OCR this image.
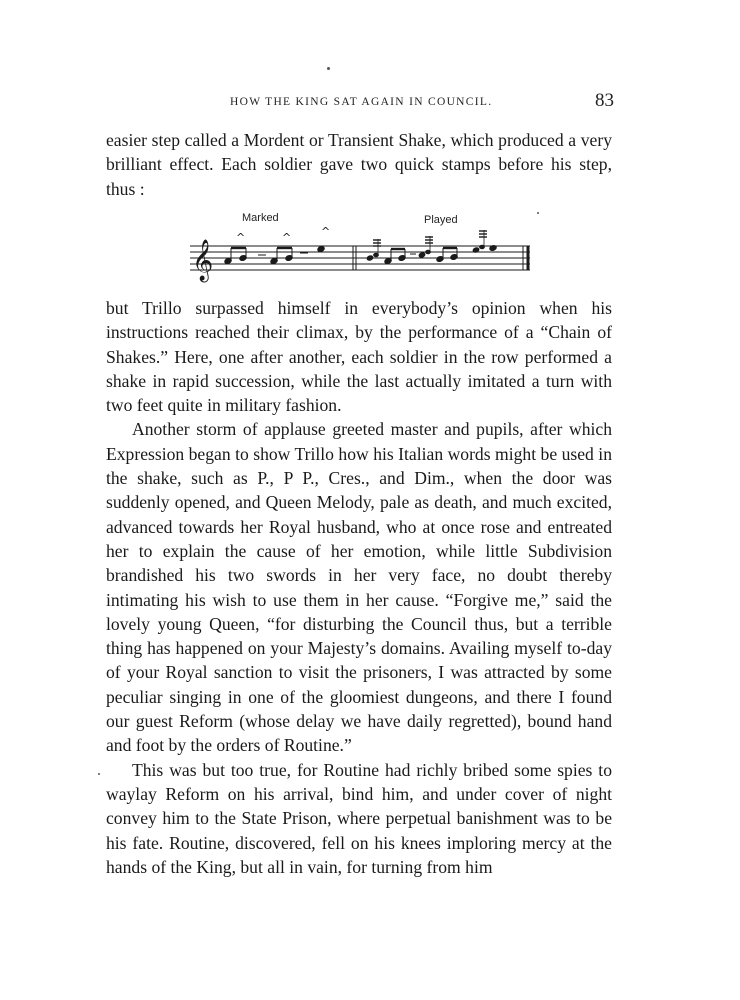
HOW THE KING SAT AGAIN IN COUNCIL.	83

easier step called a Mordent or Transient Shake, which produced a very brilliant effect. Each soldier gave two quick stamps before his step, thus :

Marked	Played
𝄞
^	^	^

but Trillo surpassed himself in everybody’s opinion when his instructions reached their climax, by the performance of a “Chain of Shakes.” Here, one after another, each soldier in the row performed a shake in rapid succession, while the last actually imitated a turn with two feet quite in military fashion.

Another storm of applause greeted master and pupils, after which Expression began to show Trillo how his Italian words might be used in the shake, such as P., P P., Cres., and Dim., when the door was suddenly opened, and Queen Melody, pale as death, and much excited, advanced towards her Royal husband, who at once rose and entreated her to explain the cause of her emotion, while little Subdivision brandished his two swords in her very face, no doubt thereby intimating his wish to use them in her cause. “Forgive me,” said the lovely young Queen, “for disturbing the Council thus, but a terrible thing has happened on your Majesty’s domains. Availing myself to-day of your Royal sanction to visit the prisoners, I was attracted by some peculiar singing in one of the gloomiest dungeons, and there I found our guest Reform (whose delay we have daily regretted), bound hand and foot by the orders of Routine.”

This was but too true, for Routine had richly bribed some spies to waylay Reform on his arrival, bind him, and under cover of night convey him to the State Prison, where perpetual banishment was to be his fate. Routine, discovered, fell on his knees imploring mercy at the hands of the King, but all in vain, for turning from him
